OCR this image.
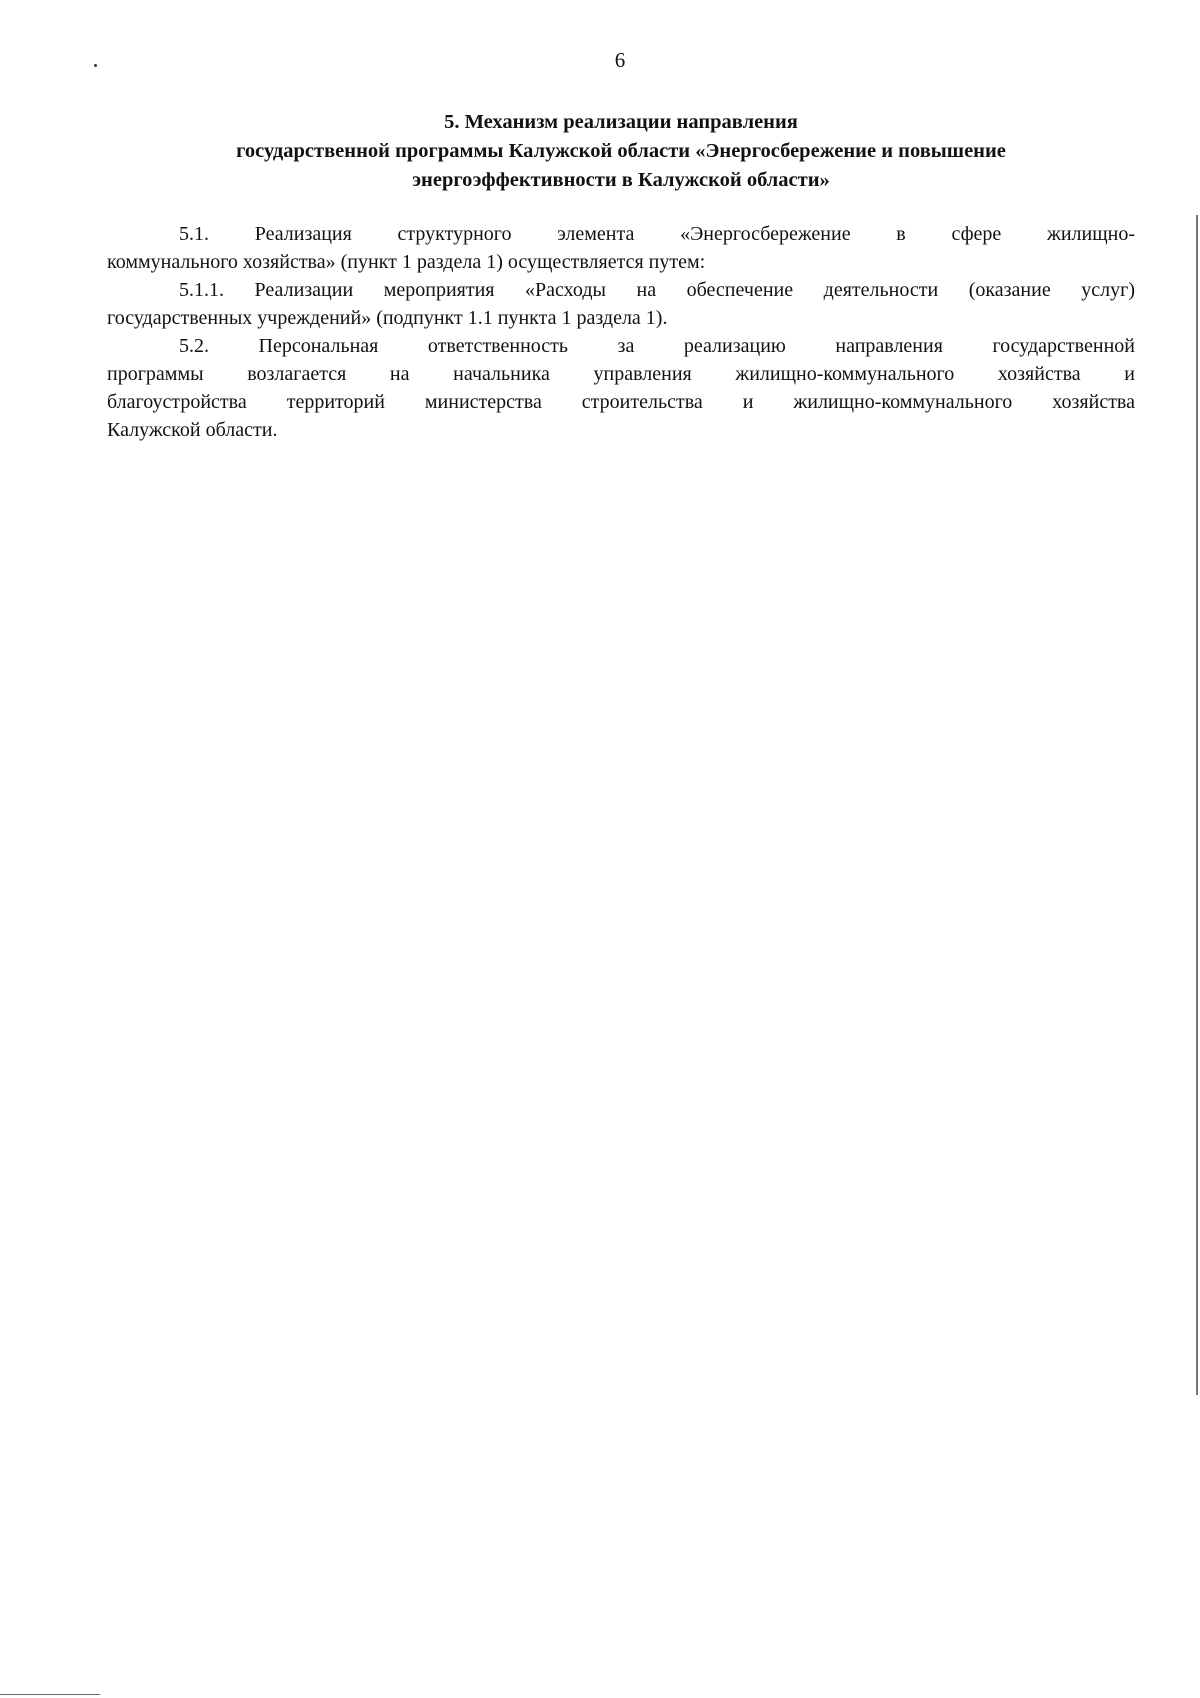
6
5. Механизм реализации направления
государственной программы Калужской области «Энергосбережение и повышение
энергоэффективности в Калужской области»
5.1. Реализация структурного элемента «Энергосбережение в сфере жилищно-
коммунального хозяйства» (пункт 1 раздела 1) осуществляется путем:
5.1.1. Реализации мероприятия «Расходы на обеспечение деятельности (оказание услуг)
государственных учреждений» (подпункт 1.1 пункта 1 раздела 1).
5.2. Персональная ответственность за реализацию направления государственной
программы возлагается на начальника управления жилищно-коммунального хозяйства и
благоустройства территорий министерства строительства и жилищно-коммунального хозяйства
Калужской области.
